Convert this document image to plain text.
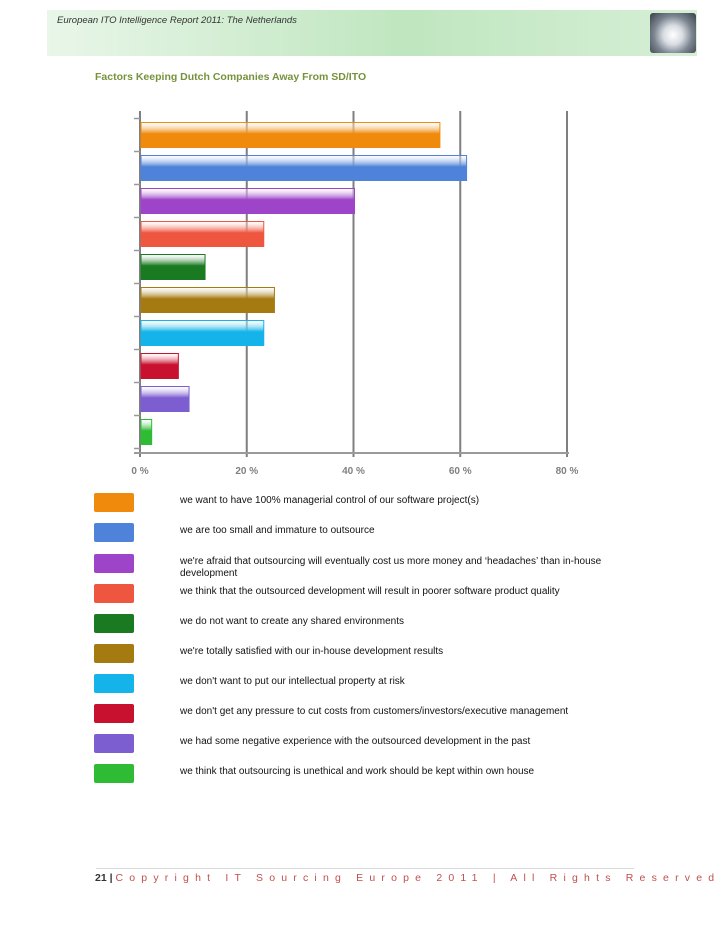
European ITO Intelligence Report 2011: The Netherlands
Factors Keeping Dutch Companies Away From SD/ITO
0 %	20 %	40 %	60 %	80 %
we want to have 100% managerial control of our software project(s)
we are too small and immature to outsource
we're afraid that outsourcing will eventually cost us more money and ‘headaches’ than in-house development
we think that the outsourced development will result in poorer software product quality
we do not want to create any shared environments
we're totally satisfied with our in-house development results
we don't want to put our intellectual property at risk
we don't get any pressure to cut costs from customers/investors/executive management
we had some negative experience with the outsourced development in the past
we think that outsourcing is unethical and work should be kept within own house
21 | Copyright IT Sourcing Europe 2011 | All Rights Reserved
